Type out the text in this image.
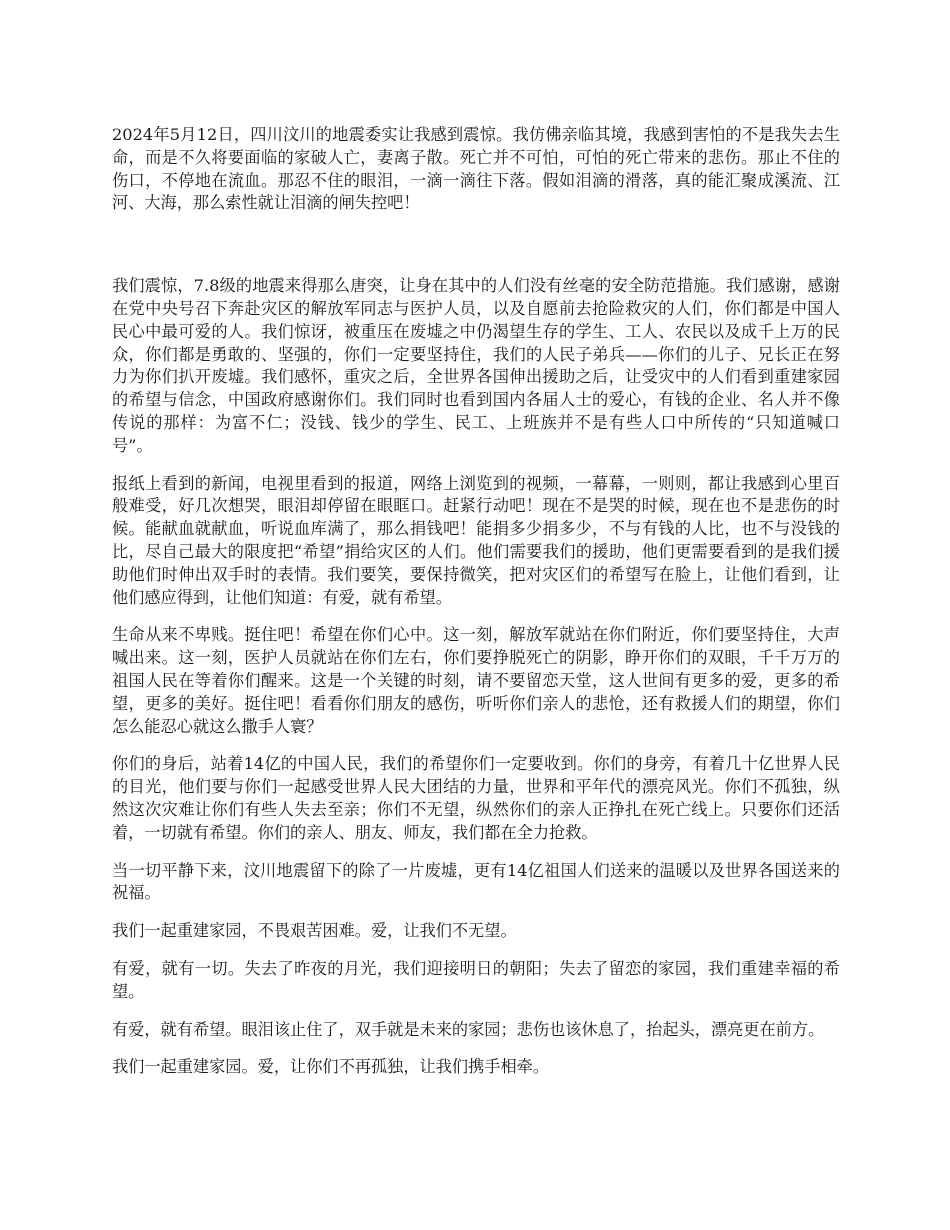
2024年5月12日，四川汶川的地震委实让我感到震惊。我仿佛亲临其境，我感到害怕的不是我失去生命，而是不久将要面临的家破人亡，妻离子散。死亡并不可怕，可怕的死亡带来的悲伤。那止不住的伤口，不停地在流血。那忍不住的眼泪，一滴一滴往下落。假如泪滴的滑落，真的能汇聚成溪流、江河、大海，那么索性就让泪滴的闸失控吧！

我们震惊，7.8级的地震来得那么唐突，让身在其中的人们没有丝毫的安全防范措施。我们感谢，感谢在党中央号召下奔赴灾区的解放军同志与医护人员，以及自愿前去抢险救灾的人们，你们都是中国人民心中最可爱的人。我们惊讶，被重压在废墟之中仍渴望生存的学生、工人、农民以及成千上万的民众，你们都是勇敢的、坚强的，你们一定要坚持住，我们的人民子弟兵——你们的儿子、兄长正在努力为你们扒开废墟。我们感怀，重灾之后，全世界各国伸出援助之后，让受灾中的人们看到重建家园的希望与信念，中国政府感谢你们。我们同时也看到国内各届人士的爱心，有钱的企业、名人并不像传说的那样：为富不仁；没钱、钱少的学生、民工、上班族并不是有些人口中所传的“只知道喊口号”。

报纸上看到的新闻，电视里看到的报道，网络上浏览到的视频，一幕幕，一则则，都让我感到心里百般难受，好几次想哭，眼泪却停留在眼眶口。赶紧行动吧！现在不是哭的时候，现在也不是悲伤的时候。能献血就献血，听说血库满了，那么捐钱吧！能捐多少捐多少，不与有钱的人比，也不与没钱的比，尽自己最大的限度把“希望”捐给灾区的人们。他们需要我们的援助，他们更需要看到的是我们援助他们时伸出双手时的表情。我们要笑，要保持微笑，把对灾区们的希望写在脸上，让他们看到，让他们感应得到，让他们知道：有爱，就有希望。

生命从来不卑贱。挺住吧！希望在你们心中。这一刻，解放军就站在你们附近，你们要坚持住，大声喊出来。这一刻，医护人员就站在你们左右，你们要挣脱死亡的阴影，睁开你们的双眼，千千万万的祖国人民在等着你们醒来。这是一个关键的时刻，请不要留恋天堂，这人世间有更多的爱，更多的希望，更多的美好。挺住吧！看看你们朋友的感伤，听听你们亲人的悲怆，还有救援人们的期望，你们怎么能忍心就这么撒手人寰？

你们的身后，站着14亿的中国人民，我们的希望你们一定要收到。你们的身旁，有着几十亿世界人民的目光，他们要与你们一起感受世界人民大团结的力量，世界和平年代的漂亮风光。你们不孤独，纵然这次灾难让你们有些人失去至亲；你们不无望，纵然你们的亲人正挣扎在死亡线上。只要你们还活着，一切就有希望。你们的亲人、朋友、师友，我们都在全力抢救。

当一切平静下来，汶川地震留下的除了一片废墟，更有14亿祖国人们送来的温暖以及世界各国送来的祝福。

我们一起重建家园，不畏艰苦困难。爱，让我们不无望。

有爱，就有一切。失去了昨夜的月光，我们迎接明日的朝阳；失去了留恋的家园，我们重建幸福的希望。

有爱，就有希望。眼泪该止住了，双手就是未来的家园；悲伤也该休息了，抬起头，漂亮更在前方。

我们一起重建家园。爱，让你们不再孤独，让我们携手相牵。
